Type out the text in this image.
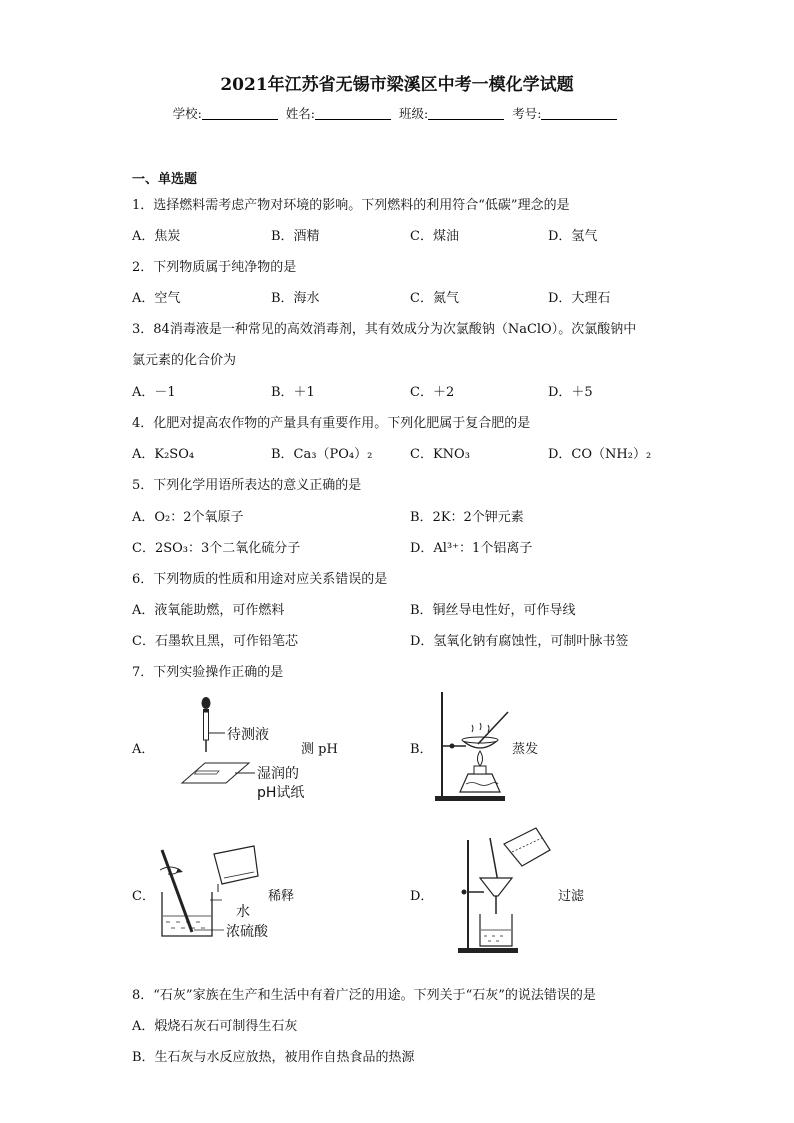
2021年江苏省无锡市梁溪区中考一模化学试题
学校:	姓名:	班级:	考号:
一、单选题
1．选择燃料需考虑产物对环境的影响。下列燃料的利用符合“低碳”理念的是
A．焦炭	B．酒精	C．煤油	D．氢气
2．下列物质属于纯净物的是
A．空气	B．海水	C．氮气	D．大理石
3．84消毒液是一种常见的高效消毒剂，其有效成分为次氯酸钠（NaClO）。次氯酸钠中
氯元素的化合价为
A．－1	B．＋1	C．＋2	D．＋5
4．化肥对提高农作物的产量具有重要作用。下列化肥属于复合肥的是
A．K₂SO₄	B．Ca₃（PO₄）₂	C．KNO₃	D．CO（NH₂）₂
5．下列化学用语所表达的意义正确的是
A．O₂：2个氧原子	B．2K：2个钾元素
C．2SO₃：3个二氧化硫分子	D．Al³⁺：1个铝离子
6．下列物质的性质和用途对应关系错误的是
A．液氧能助燃，可作燃料	B．铜丝导电性好，可作导线
C．石墨软且黑，可作铅笔芯	D．氢氧化钠有腐蚀性，可制叶脉书签
7．下列实验操作正确的是
A．
待测液
湿润的
pH试纸
测 pH	B．	蒸发
C．
水
浓硫酸
稀释	D．	过滤
8．“石灰”家族在生产和生活中有着广泛的用途。下列关于“石灰”的说法错误的是
A．煅烧石灰石可制得生石灰
B．生石灰与水反应放热，被用作自热食品的热源
